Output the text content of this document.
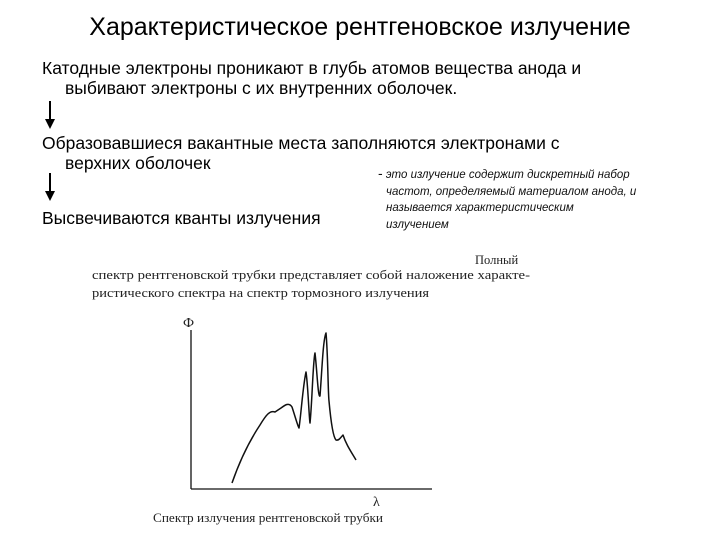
Характеристическое рентгеновское излучение
Катодные электроны проникают в глубь атомов вещества анода и
выбивают электроны с их внутренних оболочек.
Образовавшиеся вакантные места заполняются электронами с
верхних оболочек
Высвечиваются кванты излучения
- это излучение содержит дискретный набор
частот, определяемый материалом анода, и
называется характеристическим
излучением
Полный
спектр рентгеновской трубки представляет собой наложение характе-
ристического спектра на спектр тормозного излучения
Ф
λ
Спектр излучения рентгеновской трубки
